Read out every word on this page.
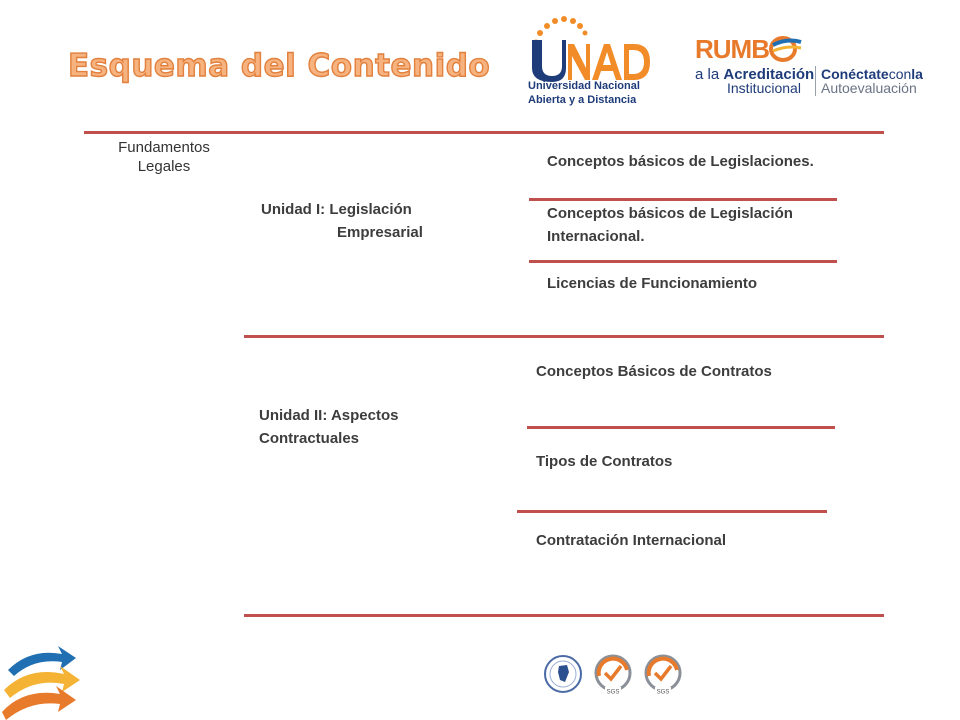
Esquema del Contenido
Universidad Nacional
Abierta y a Distancia
RUMB
a la Acreditación
Institucional
Conéctateconla
Autoevaluación
Fundamentos Legales
Unidad I: Legislación
Empresarial
Conceptos básicos de Legislaciones.
Conceptos básicos de Legislación Internacional.
Licencias de Funcionamiento
Unidad II: Aspectos
Contractuales
Conceptos Básicos de Contratos
Tipos de Contratos
Contratación Internacional
SGS	SGS
